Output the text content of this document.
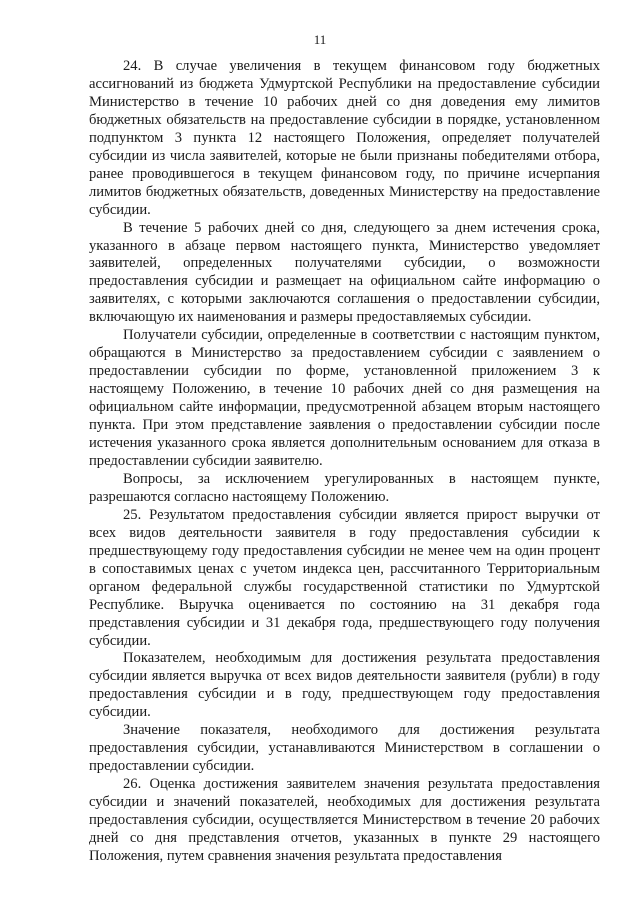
11

24. В случае увеличения в текущем финансовом году бюджетных ассигнований из бюджета Удмуртской Республики на предоставление субсидии Министерство в течение 10 рабочих дней со дня доведения ему лимитов бюджетных обязательств на предоставление субсидии в порядке, установленном подпунктом 3 пункта 12 настоящего Положения, определяет получателей субсидии из числа заявителей, которые не были признаны победителями отбора, ранее проводившегося в текущем финансовом году, по причине исчерпания лимитов бюджетных обязательств, доведенных Министерству на предоставление субсидии.

В течение 5 рабочих дней со дня, следующего за днем истечения срока, указанного в абзаце первом настоящего пункта, Министерство уведомляет заявителей, определенных получателями субсидии, о возможности предоставления субсидии и размещает на официальном сайте информацию о заявителях, с которыми заключаются соглашения о предоставлении субсидии, включающую их наименования и размеры предоставляемых субсидии.

Получатели субсидии, определенные в соответствии с настоящим пунктом, обращаются в Министерство за предоставлением субсидии с заявлением о предоставлении субсидии по форме, установленной приложением 3 к настоящему Положению, в течение 10 рабочих дней со дня размещения на официальном сайте информации, предусмотренной абзацем вторым настоящего пункта. При этом представление заявления о предоставлении субсидии после истечения указанного срока является дополнительным основанием для отказа в предоставлении субсидии заявителю.

Вопросы, за исключением урегулированных в настоящем пункте, разрешаются согласно настоящему Положению.

25. Результатом предоставления субсидии является прирост выручки от всех видов деятельности заявителя в году предоставления субсидии к предшествующему году предоставления субсидии не менее чем на один процент в сопоставимых ценах с учетом индекса цен, рассчитанного Территориальным органом федеральной службы государственной статистики по Удмуртской Республике. Выручка оценивается по состоянию на 31 декабря года представления субсидии и 31 декабря года, предшествующего году получения субсидии.

Показателем, необходимым для достижения результата предоставления субсидии является выручка от всех видов деятельности заявителя (рубли) в году предоставления субсидии и в году, предшествующем году предоставления субсидии.

Значение показателя, необходимого для достижения результата предоставления субсидии, устанавливаются Министерством в соглашении о предоставлении субсидии.

26. Оценка достижения заявителем значения результата предоставления субсидии и значений показателей, необходимых для достижения результата предоставления субсидии, осуществляется Министерством в течение 20 рабочих дней со дня представления отчетов, указанных в пункте 29 настоящего Положения, путем сравнения значения результата предоставления
